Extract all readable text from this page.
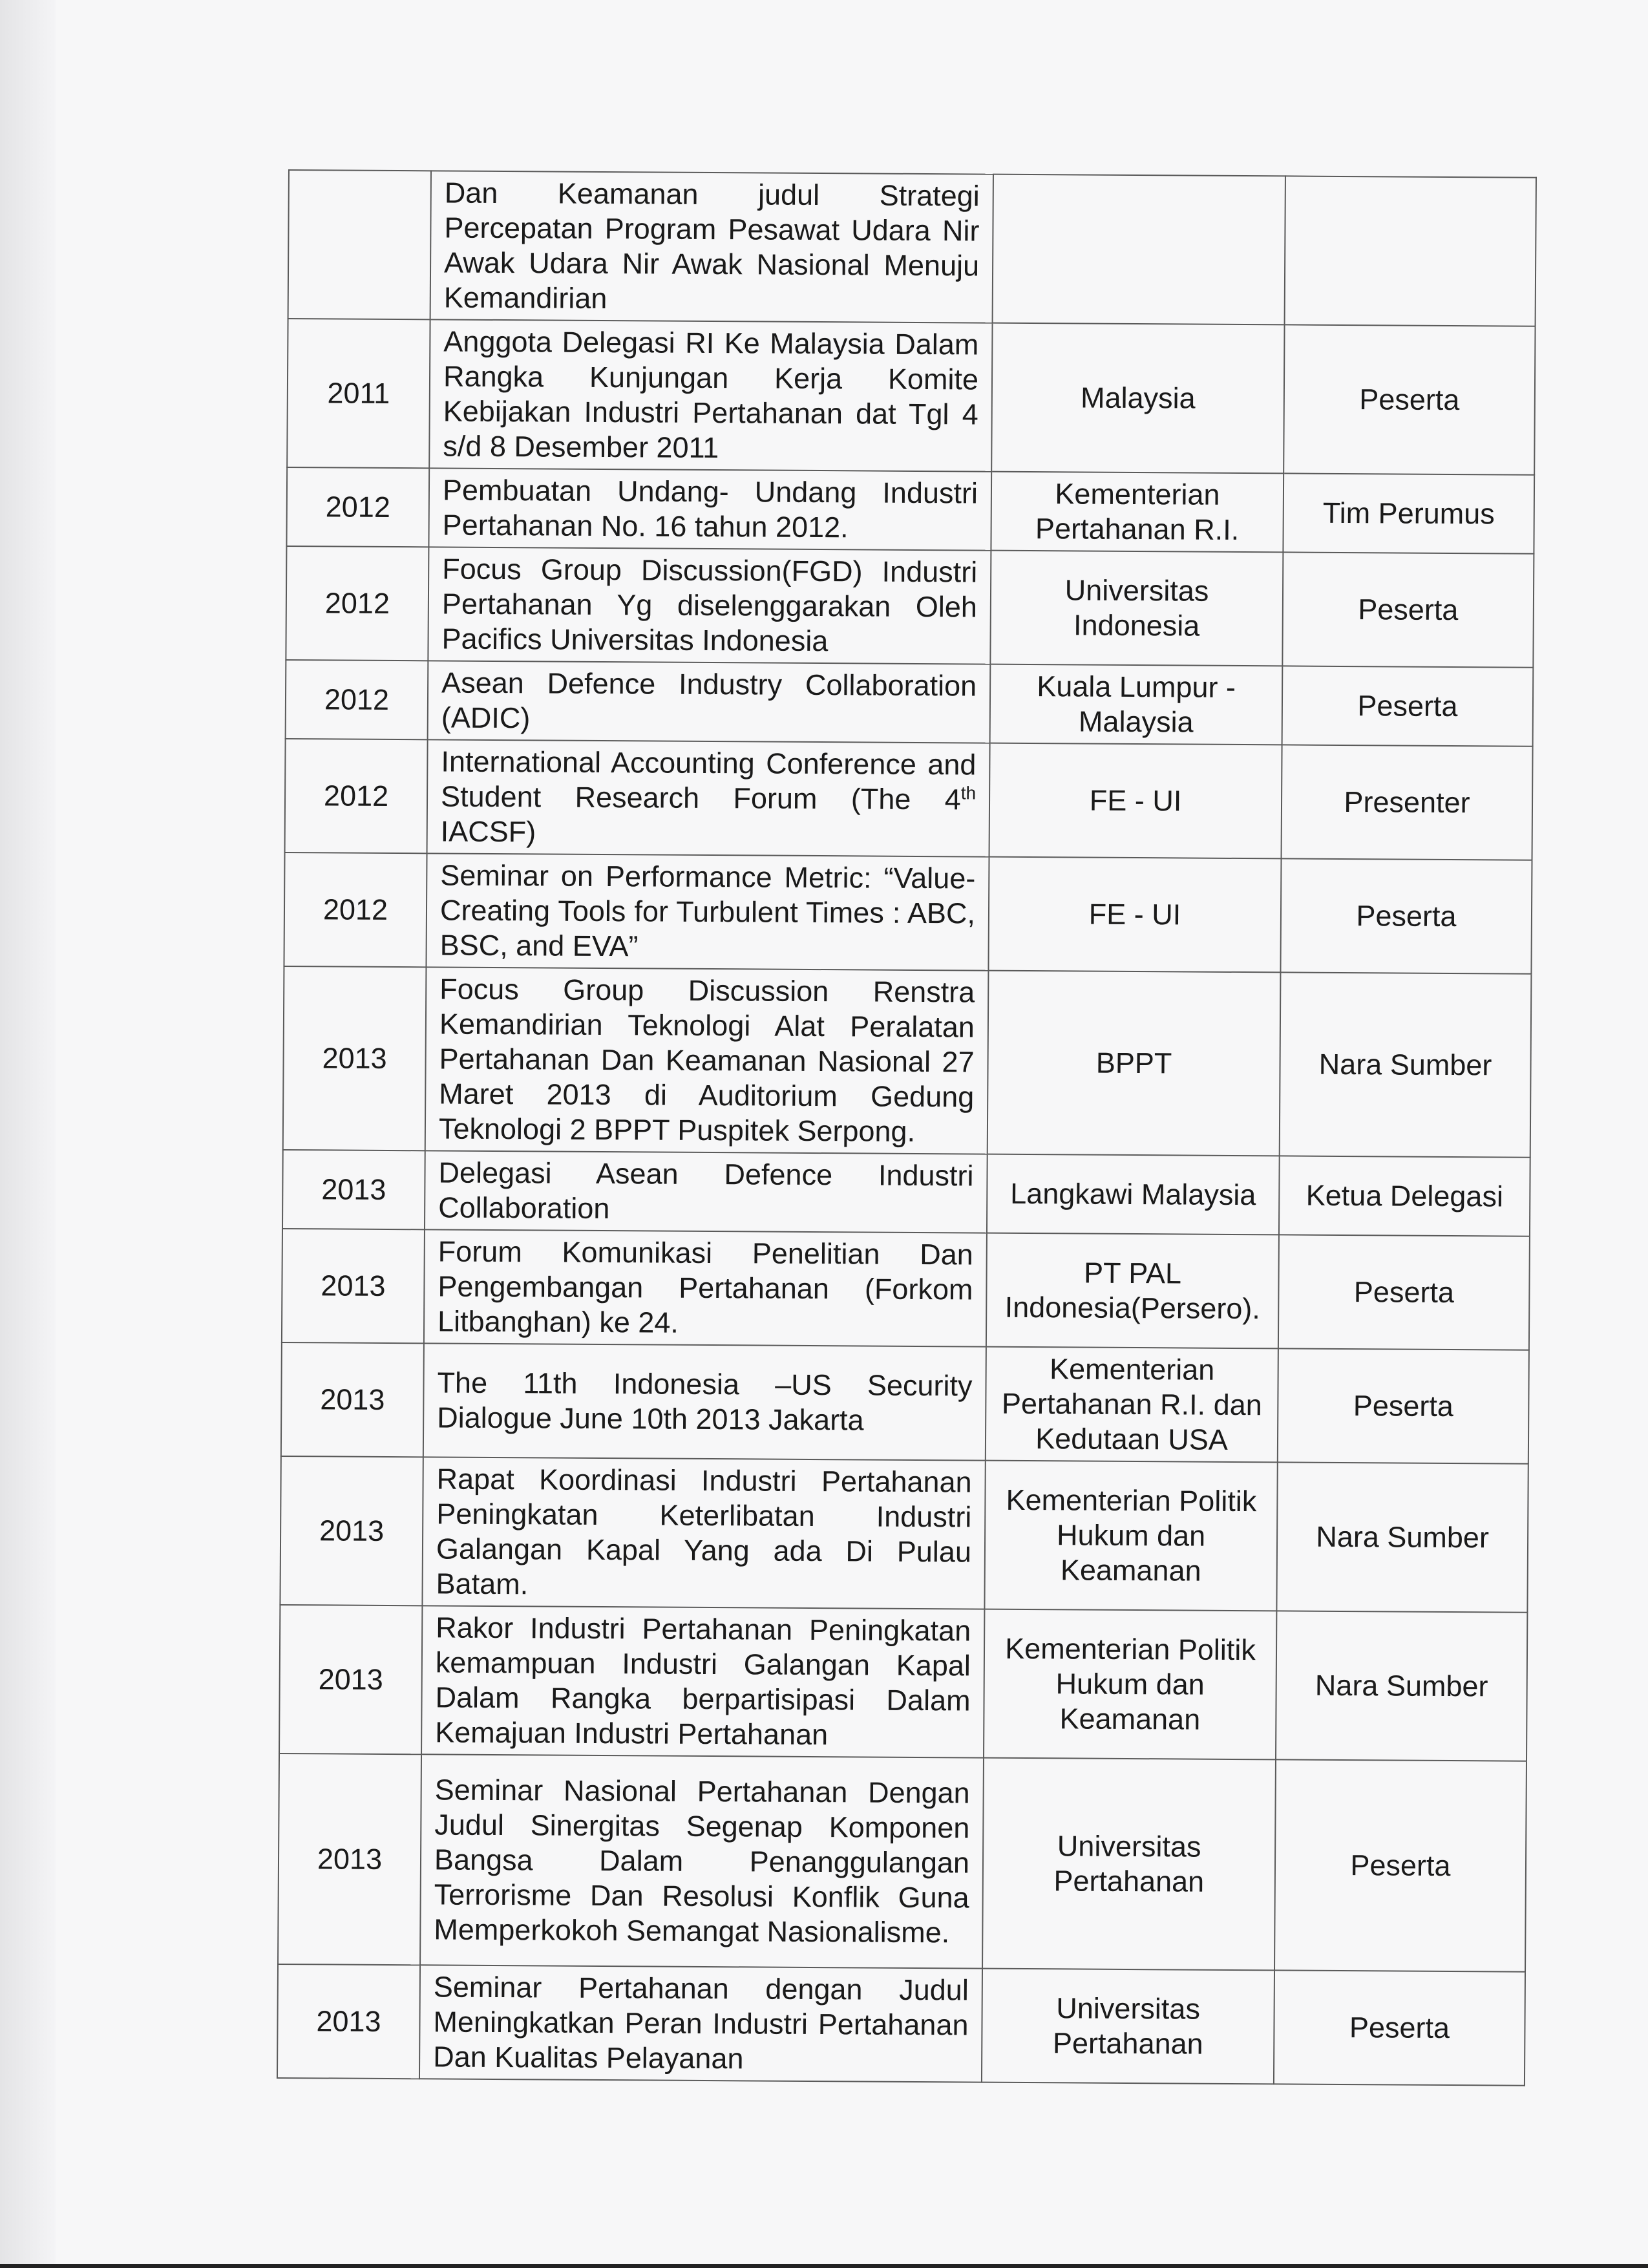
	Dan Keamanan judul Strategi Percepatan Program Pesawat Udara Nir Awak Udara Nir Awak Nasional Menuju Kemandirian		
2011	Anggota Delegasi RI Ke Malaysia Dalam Rangka Kunjungan Kerja Komite Kebijakan Industri Pertahanan dat Tgl 4 s/d 8 Desember 2011	Malaysia	Peserta
2012	Pembuatan Undang- Undang Industri Pertahanan No. 16 tahun 2012.	Kementerian Pertahanan R.I.	Tim Perumus
2012	Focus Group Discussion(FGD) Industri Pertahanan Yg diselenggarakan Oleh Pacifics Universitas Indonesia	Universitas Indonesia	Peserta
2012	Asean Defence Industry Collaboration (ADIC)	Kuala Lumpur - Malaysia	Peserta
2012	International Accounting Conference and Student Research Forum (The 4th IACSF)	FE - UI	Presenter
2012	Seminar on Performance Metric: “Value-Creating Tools for Turbulent Times : ABC, BSC, and EVA”	FE - UI	Peserta
2013	Focus Group Discussion Renstra Kemandirian Teknologi Alat Peralatan Pertahanan Dan Keamanan Nasional 27 Maret 2013 di Auditorium Gedung Teknologi 2 BPPT Puspitek Serpong.	BPPT	Nara Sumber
2013	Delegasi Asean Defence Industri Collaboration	Langkawi Malaysia	Ketua Delegasi
2013	Forum Komunikasi Penelitian Dan Pengembangan Pertahanan (Forkom Litbanghan) ke 24.	PT PAL Indonesia(Persero).	Peserta
2013	The 11th Indonesia –US Security Dialogue June 10th 2013 Jakarta	Kementerian Pertahanan R.I. dan Kedutaan USA	Peserta
2013	Rapat Koordinasi Industri Pertahanan Peningkatan Keterlibatan Industri Galangan Kapal Yang ada Di Pulau Batam.	Kementerian Politik Hukum dan Keamanan	Nara Sumber
2013	Rakor Industri Pertahanan Peningkatan kemampuan Industri Galangan Kapal Dalam Rangka berpartisipasi Dalam Kemajuan Industri Pertahanan	Kementerian Politik Hukum dan Keamanan	Nara Sumber
2013	Seminar Nasional Pertahanan Dengan Judul Sinergitas Segenap Komponen Bangsa Dalam Penanggulangan Terrorisme Dan Resolusi Konflik Guna Memperkokoh Semangat Nasionalisme.	Universitas Pertahanan	Peserta
2013	Seminar Pertahanan dengan Judul Meningkatkan Peran Industri Pertahanan Dan Kualitas Pelayanan	Universitas Pertahanan	Peserta
